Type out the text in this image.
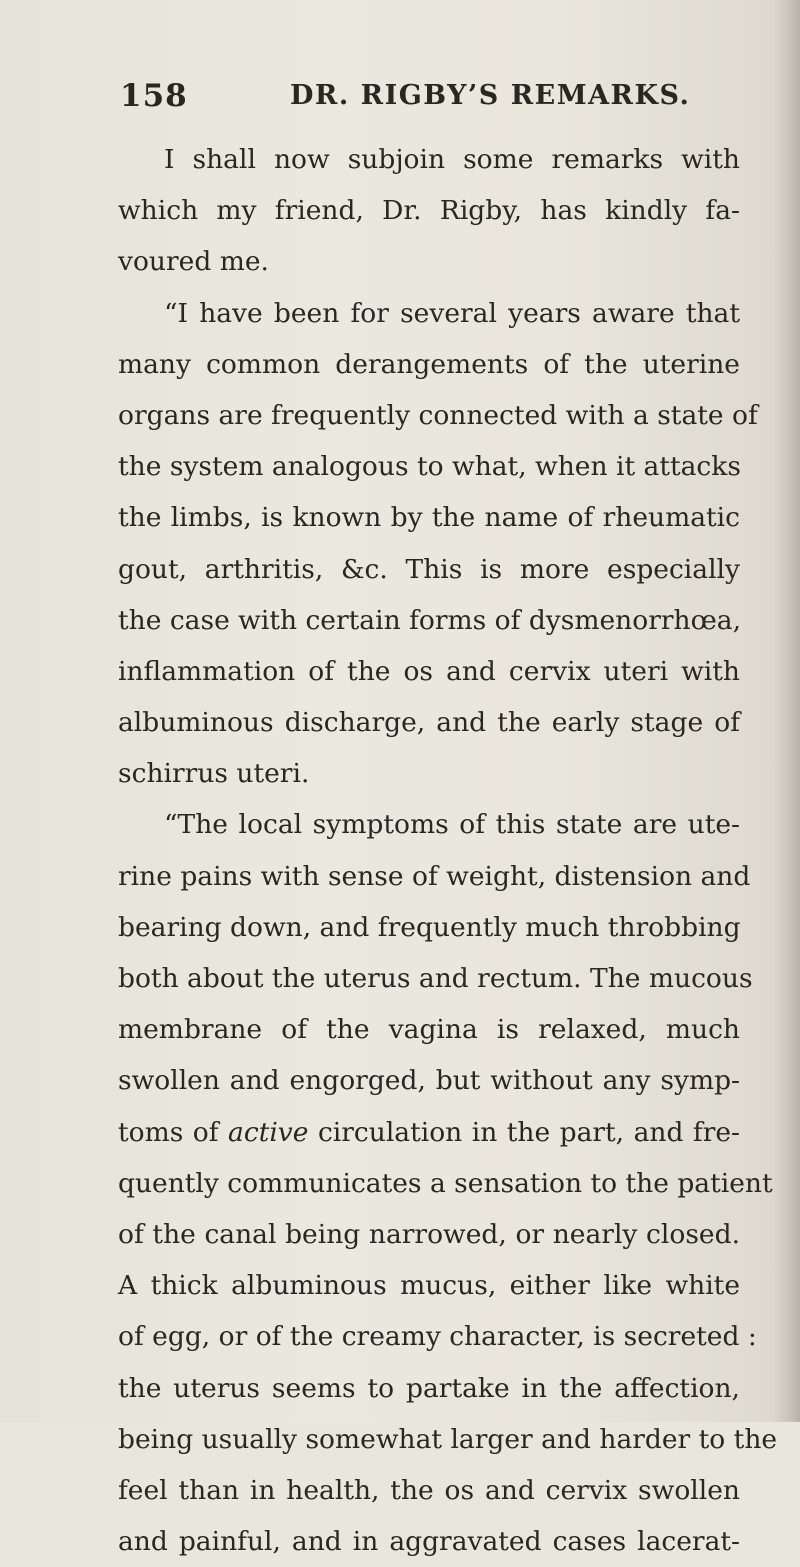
158	DR. RIGBY’S REMARKS.
I shall now subjoin some remarks with
which my friend, Dr. Rigby, has kindly fa-
voured me.
“I have been for several years aware that
many common derangements of the uterine
organs are frequently connected with a state of
the system analogous to what, when it attacks
the limbs, is known by the name of rheumatic
gout, arthritis, &c. This is more especially
the case with certain forms of dysmenorrhœa,
inflammation of the os and cervix uteri with
albuminous discharge, and the early stage of
schirrus uteri.
“The local symptoms of this state are ute-
rine pains with sense of weight, distension and
bearing down, and frequently much throbbing
both about the uterus and rectum. The mucous
membrane of the vagina is relaxed, much
swollen and engorged, but without any symp-
toms of active circulation in the part, and fre-
quently communicates a sensation to the patient
of the canal being narrowed, or nearly closed.
A thick albuminous mucus, either like white
of egg, or of the creamy character, is secreted :
the uterus seems to partake in the affection,
being usually somewhat larger and harder to the
feel than in health, the os and cervix swollen
and painful, and in aggravated cases lacerat-
